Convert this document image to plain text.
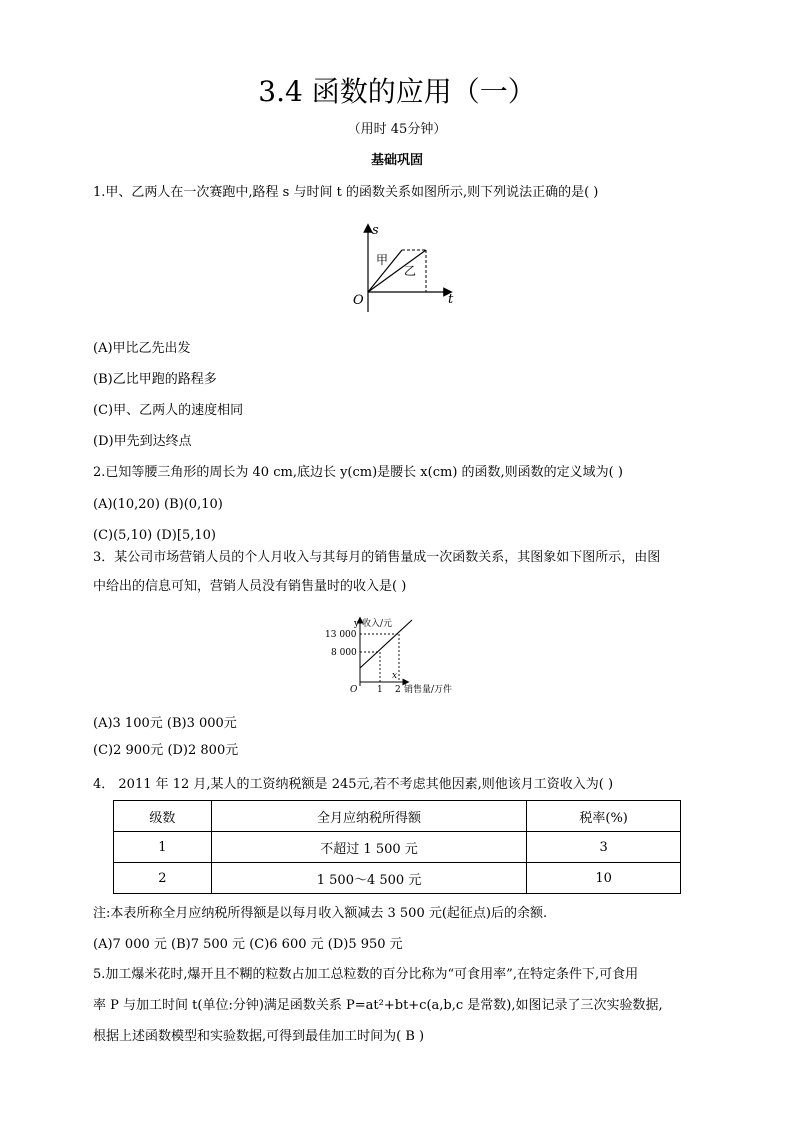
3.4 函数的应用（一）
（用时 45分钟）
基础巩固
1.甲、乙两人在一次赛跑中,路程 s 与时间 t 的函数关系如图所示,则下列说法正确的是( )
s
t
O
甲
乙
(A)甲比乙先出发
(B)乙比甲跑的路程多
(C)甲、乙两人的速度相同
(D)甲先到达终点
2.已知等腰三角形的周长为 40 cm,底边长 y(cm)是腰长 x(cm) 的函数,则函数的定义域为( )
(A)(10,20) (B)(0,10)
(C)(5,10) (D)[5,10)
3．某公司市场营销人员的个人月收入与其每月的销售量成一次函数关系，其图象如下图所示，由图
中给出的信息可知，营销人员没有销售量时的收入是( )
y 收入/元
13 000
8 000
x
O 1 2 销售量/万件
(A)3 100元 (B)3 000元
(C)2 900元 (D)2 800元
4． 2011 年 12 月,某人的工资纳税额是 245元,若不考虑其他因素,则他该月工资收入为( )
级数	全月应纳税所得额	税率(%)
1	不超过 1 500 元	3
2	1 500～4 500 元	10
注:本表所称全月应纳税所得额是以每月收入额减去 3 500 元(起征点)后的余额.
(A)7 000 元 (B)7 500 元 (C)6 600 元 (D)5 950 元
5.加工爆米花时,爆开且不糊的粒数占加工总粒数的百分比称为“可食用率”,在特定条件下,可食用
率 P 与加工时间 t(单位:分钟)满足函数关系 P=at²+bt+c(a,b,c 是常数),如图记录了三次实验数据,
根据上述函数模型和实验数据,可得到最佳加工时间为( B )
